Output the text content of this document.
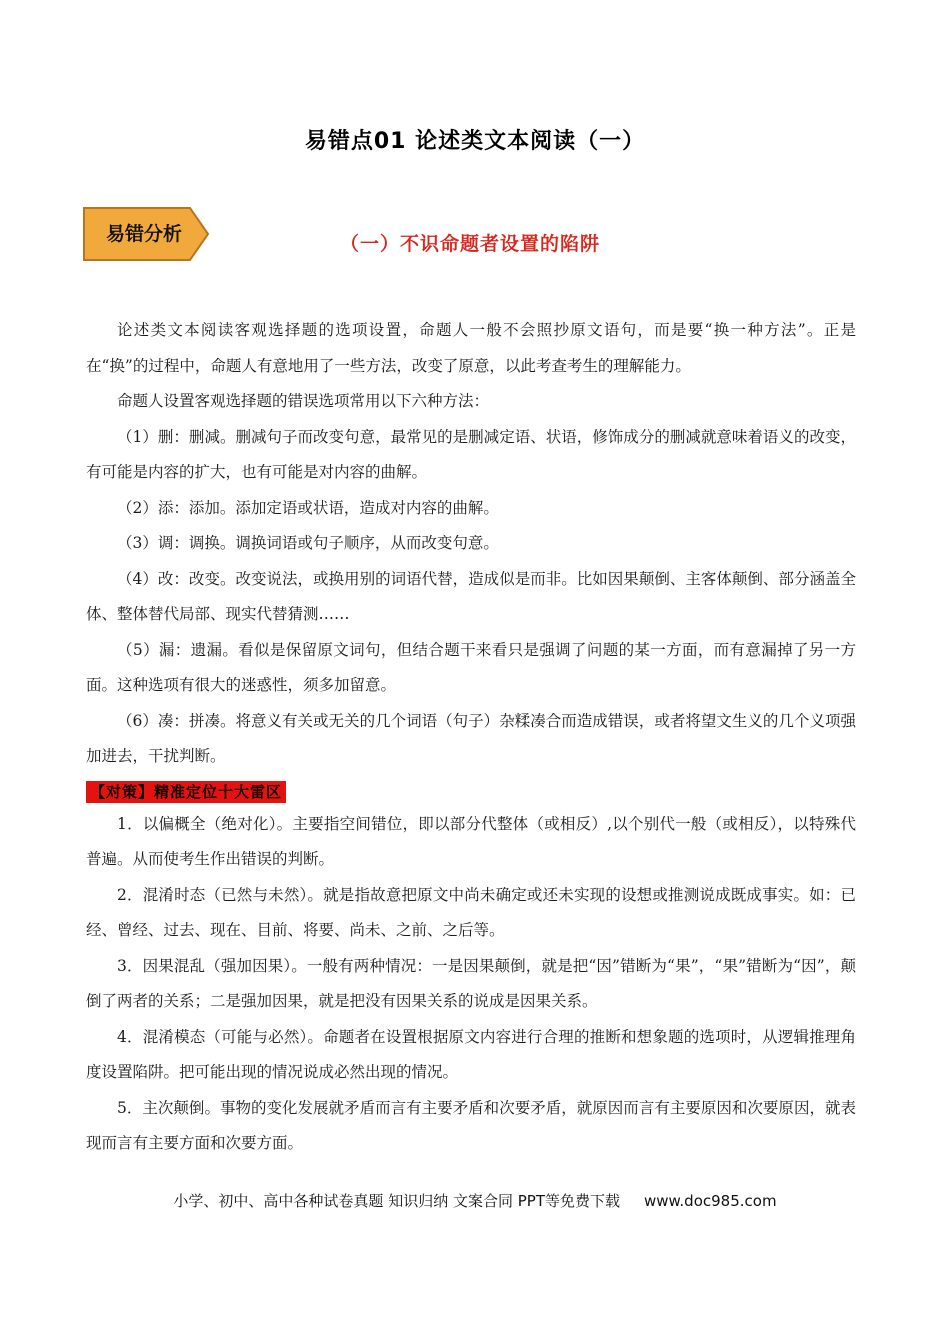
易错点01 论述类文本阅读（一）
易错分析	（一）不识命题者设置的陷阱

论述类文本阅读客观选择题的选项设置，命题人一般不会照抄原文语句，而是要“换一种方法”。正是在“换”的过程中，命题人有意地用了一些方法，改变了原意，以此考查考生的理解能力。

命题人设置客观选择题的错误选项常用以下六种方法：

（1）删：删减。删减句子而改变句意，最常见的是删减定语、状语，修饰成分的删减就意味着语义的改变，有可能是内容的扩大，也有可能是对内容的曲解。

（2）添：添加。添加定语或状语，造成对内容的曲解。

（3）调：调换。调换词语或句子顺序，从而改变句意。

（4）改：改变。改变说法，或换用别的词语代替，造成似是而非。比如因果颠倒、主客体颠倒、部分涵盖全体、整体替代局部、现实代替猜测……

（5）漏：遗漏。看似是保留原文词句，但结合题干来看只是强调了问题的某一方面，而有意漏掉了另一方面。这种选项有很大的迷惑性，须多加留意。

（6）凑：拼凑。将意义有关或无关的几个词语（句子）杂糅凑合而造成错误，或者将望文生义的几个义项强加进去，干扰判断。

【对策】精准定位十大雷区

1．以偏概全（绝对化）。主要指空间错位，即以部分代整体（或相反）,以个别代一般（或相反），以特殊代普遍。从而使考生作出错误的判断。

2．混淆时态（已然与未然）。就是指故意把原文中尚未确定或还未实现的设想或推测说成既成事实。如：已经、曾经、过去、现在、目前、将要、尚未、之前、之后等。

3．因果混乱（强加因果）。一般有两种情况：一是因果颠倒，就是把“因”错断为“果”，“果”错断为“因”，颠倒了两者的关系；二是强加因果，就是把没有因果关系的说成是因果关系。

4．混淆模态（可能与必然）。命题者在设置根据原文内容进行合理的推断和想象题的选项时，从逻辑推理角度设置陷阱。把可能出现的情况说成必然出现的情况。

5．主次颠倒。事物的变化发展就矛盾而言有主要矛盾和次要矛盾，就原因而言有主要原因和次要原因，就表现而言有主要方面和次要方面。

小学、初中、高中各种试卷真题 知识归纳 文案合同 PPT等免费下载 www.doc985.com
